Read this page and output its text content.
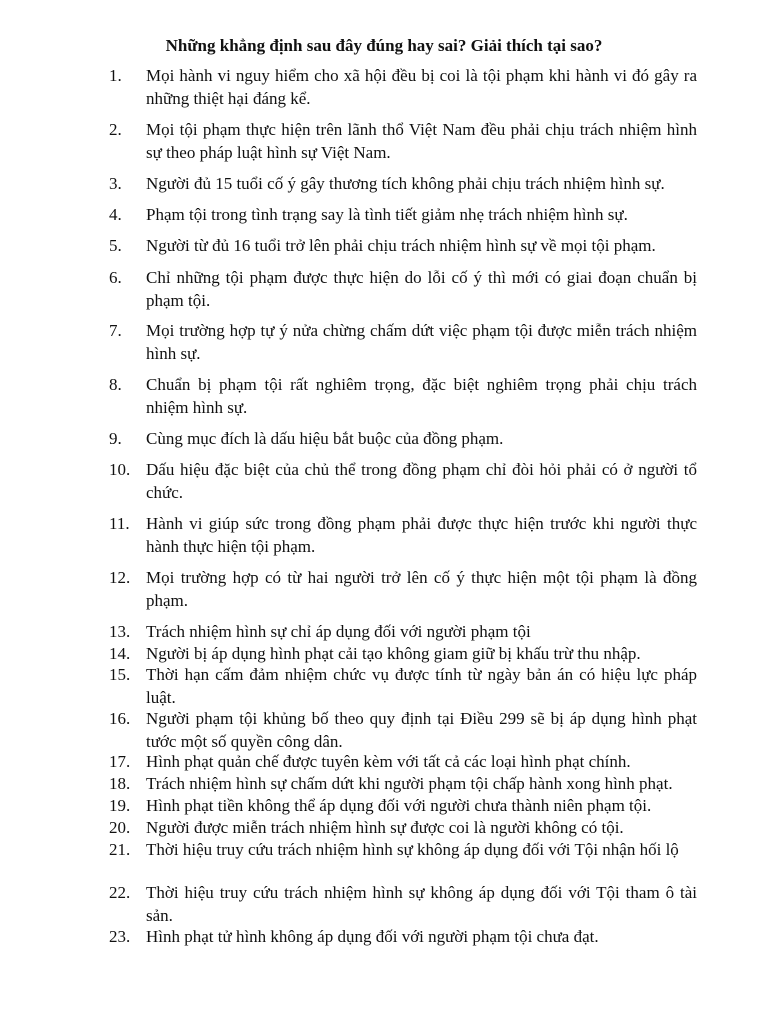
Những khẳng định sau đây đúng hay sai? Giải thích tại sao?
1.	Mọi hành vi nguy hiểm cho xã hội đều bị coi là tội phạm khi hành vi đó gây ra những thiệt hại đáng kể.
2.	Mọi tội phạm thực hiện trên lãnh thổ Việt Nam đều phải chịu trách nhiệm hình sự theo pháp luật hình sự Việt Nam.
3.	Người đủ 15 tuổi cố ý gây thương tích không phải chịu trách nhiệm hình sự.
4.	Phạm tội trong tình trạng say là tình tiết giảm nhẹ trách nhiệm hình sự.
5.	Người từ đủ 16 tuổi trở lên phải chịu trách nhiệm hình sự về mọi tội phạm.
6.	Chỉ những tội phạm được thực hiện do lỗi cố ý thì mới có giai đoạn chuẩn bị phạm tội.
7.	Mọi trường hợp tự ý nửa chừng chấm dứt việc phạm tội được miễn trách nhiệm hình sự.
8.	Chuẩn bị phạm tội rất nghiêm trọng, đặc biệt nghiêm trọng phải chịu trách nhiệm hình sự.
9.	Cùng mục đích là dấu hiệu bắt buộc của đồng phạm.
10. Dấu hiệu đặc biệt của chủ thể trong đồng phạm chỉ đòi hỏi phải có ở người tổ chức.
11. Hành vi giúp sức trong đồng phạm phải được thực hiện trước khi người thực hành thực hiện tội phạm.
12. Mọi trường hợp có từ hai người trở lên cố ý thực hiện một tội phạm là đồng phạm.
13. Trách nhiệm hình sự chỉ áp dụng đối với người phạm tội
14. Người bị áp dụng hình phạt cải tạo không giam giữ bị khấu trừ thu nhập.
15. Thời hạn cấm đảm nhiệm chức vụ được tính từ ngày bản án có hiệu lực pháp luật.
16. Người phạm tội khủng bố theo quy định tại Điều 299 sẽ bị áp dụng hình phạt tước một số quyền công dân.
17. Hình phạt quản chế được tuyên kèm với tất cả các loại hình phạt chính.
18. Trách nhiệm hình sự chấm dứt khi người phạm tội chấp hành xong hình phạt.
19. Hình phạt tiền không thể áp dụng đối với người chưa thành niên phạm tội.
20. Người được miễn trách nhiệm hình sự được coi là người không có tội.
21. Thời hiệu truy cứu trách nhiệm hình sự không áp dụng đối với Tội nhận hối lộ
22. Thời hiệu truy cứu trách nhiệm hình sự không áp dụng đối với Tội tham ô tài sản.
23. Hình phạt tử hình không áp dụng đối với người phạm tội chưa đạt.
